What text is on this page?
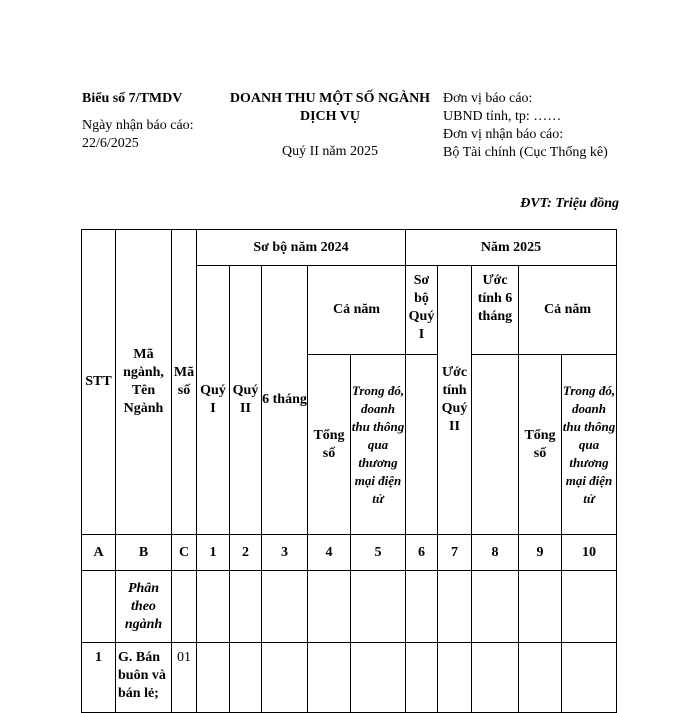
Biểu số 7/TMDV
Ngày nhận báo cáo:
22/6/2025
DOANH THU MỘT SỐ NGÀNH
DỊCH VỤ
Quý II năm 2025
Đơn vị báo cáo:
UBND tỉnh, tp: ……
Đơn vị nhận báo cáo:
Bộ Tài chính (Cục Thống kê)
ĐVT: Triệu đồng
STT	Mã ngành, Tên Ngành	Mã số	Sơ bộ năm 2024					Năm 2025				
			Quý I	Quý II	6 tháng	Cả năm		Sơ bộ Quý I	Ước tính Quý II	Ước tính 6 tháng	Cả năm	
						Tổng số	Trong đó, doanh thu thông qua thương mại điện tử				Tổng số	Trong đó, doanh thu thông qua thương mại điện tử
A	B	C	1	2	3	4	5	6	7	8	9	10
	Phân theo ngành											
1	G. Bán buôn và bán lẻ;	01										
